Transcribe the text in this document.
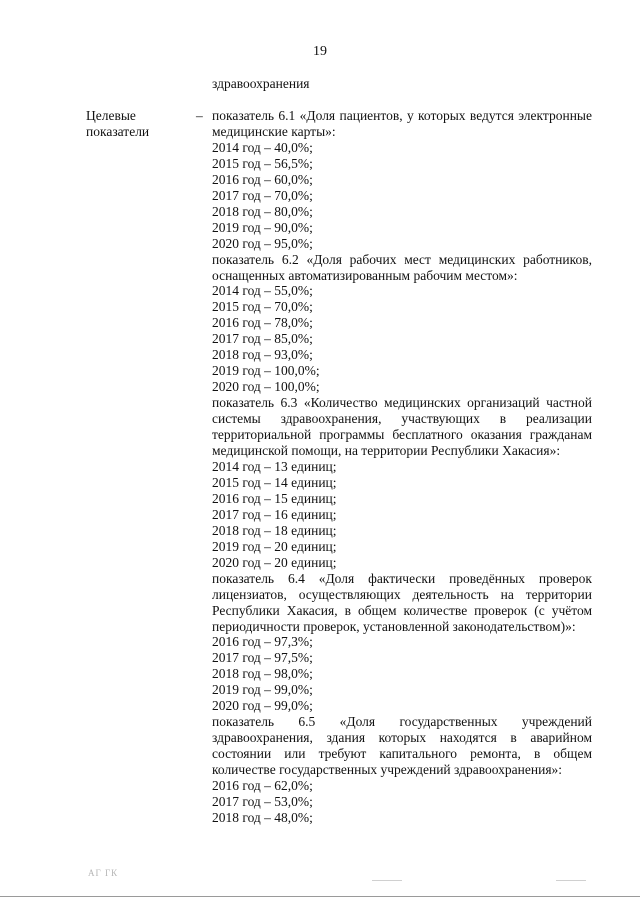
19
здравоохранения
Целевые показатели
– показатель 6.1 «Доля пациентов, у которых ведутся электронные медицинские карты»:
2014 год – 40,0%;
2015 год – 56,5%;
2016 год – 60,0%;
2017 год – 70,0%;
2018 год – 80,0%;
2019 год – 90,0%;
2020 год – 95,0%;
показатель 6.2 «Доля рабочих мест медицинских работников, оснащенных автоматизированным рабочим местом»:
2014 год – 55,0%;
2015 год – 70,0%;
2016 год – 78,0%;
2017 год – 85,0%;
2018 год – 93,0%;
2019 год – 100,0%;
2020 год – 100,0%;
показатель 6.3 «Количество медицинских организаций частной системы здравоохранения, участвующих в реализации территориальной программы бесплатного оказания гражданам медицинской помощи, на территории Республики Хакасия»:
2014 год – 13 единиц;
2015 год – 14 единиц;
2016 год – 15 единиц;
2017 год – 16 единиц;
2018 год – 18 единиц;
2019 год – 20 единиц;
2020 год – 20 единиц;
показатель 6.4 «Доля фактически проведённых проверок лицензиатов, осуществляющих деятельность на территории Республики Хакасия, в общем количестве проверок (с учётом периодичности проверок, установленной законодательством)»:
2016 год – 97,3%;
2017 год – 97,5%;
2018 год – 98,0%;
2019 год – 99,0%;
2020 год – 99,0%;
показатель 6.5 «Доля государственных учреждений здравоохранения, здания которых находятся в аварийном состоянии или требуют капитального ремонта, в общем количестве государственных учреждений здравоохранения»:
2016 год – 62,0%;
2017 год – 53,0%;
2018 год – 48,0%;
АГ ГК
